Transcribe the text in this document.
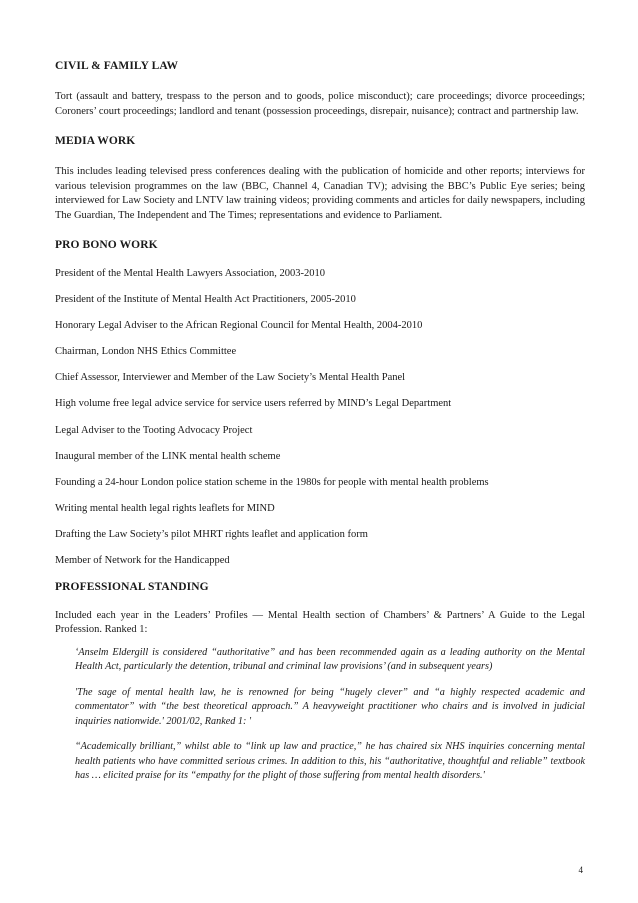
CIVIL & FAMILY LAW

Tort (assault and battery, trespass to the person and to goods, police misconduct); care proceedings; divorce proceedings; Coroners’ court proceedings; landlord and tenant (possession proceedings, disrepair, nuisance); contract and partnership law.

MEDIA WORK

This includes leading televised press conferences dealing with the publication of homicide and other reports; interviews for various television programmes on the law (BBC, Channel 4, Canadian TV); advising the BBC’s Public Eye series; being interviewed for Law Society and LNTV law training videos; providing comments and articles for daily newspapers, including The Guardian, The Independent and The Times; representations and evidence to Parliament.

PRO BONO WORK

President of the Mental Health Lawyers Association, 2003-2010

President of the Institute of Mental Health Act Practitioners, 2005-2010

Honorary Legal Adviser to the African Regional Council for Mental Health, 2004-2010

Chairman, London NHS Ethics Committee

Chief Assessor, Interviewer and Member of the Law Society’s Mental Health Panel

High volume free legal advice service for service users referred by MIND’s Legal Department

Legal Adviser to the Tooting Advocacy Project

Inaugural member of the LINK mental health scheme

Founding a 24-hour London police station scheme in the 1980s for people with mental health problems

Writing mental health legal rights leaflets for MIND

Drafting the Law Society’s pilot MHRT rights leaflet and application form

Member of Network for the Handicapped

PROFESSIONAL STANDING

Included each year in the Leaders’ Profiles — Mental Health section of Chambers’ & Partners’ A Guide to the Legal Profession. Ranked 1:

‘Anselm Eldergill is considered “authoritative” and has been recommended again as a leading authority on the Mental Health Act, particularly the detention, tribunal and criminal law provisions’ (and in subsequent years)

'The sage of mental health law, he is renowned for being “hugely clever” and “a highly respected academic and commentator” with “the best theoretical approach.” A heavyweight practitioner who chairs and is involved in judicial inquiries nationwide.' 2001/02, Ranked 1: '

“Academically brilliant,” whilst able to “link up law and practice,” he has chaired six NHS inquiries concerning mental health patients who have committed serious crimes. In addition to this, his “authoritative, thoughtful and reliable” textbook has … elicited praise for its “empathy for the plight of those suffering from mental health disorders.'

4
